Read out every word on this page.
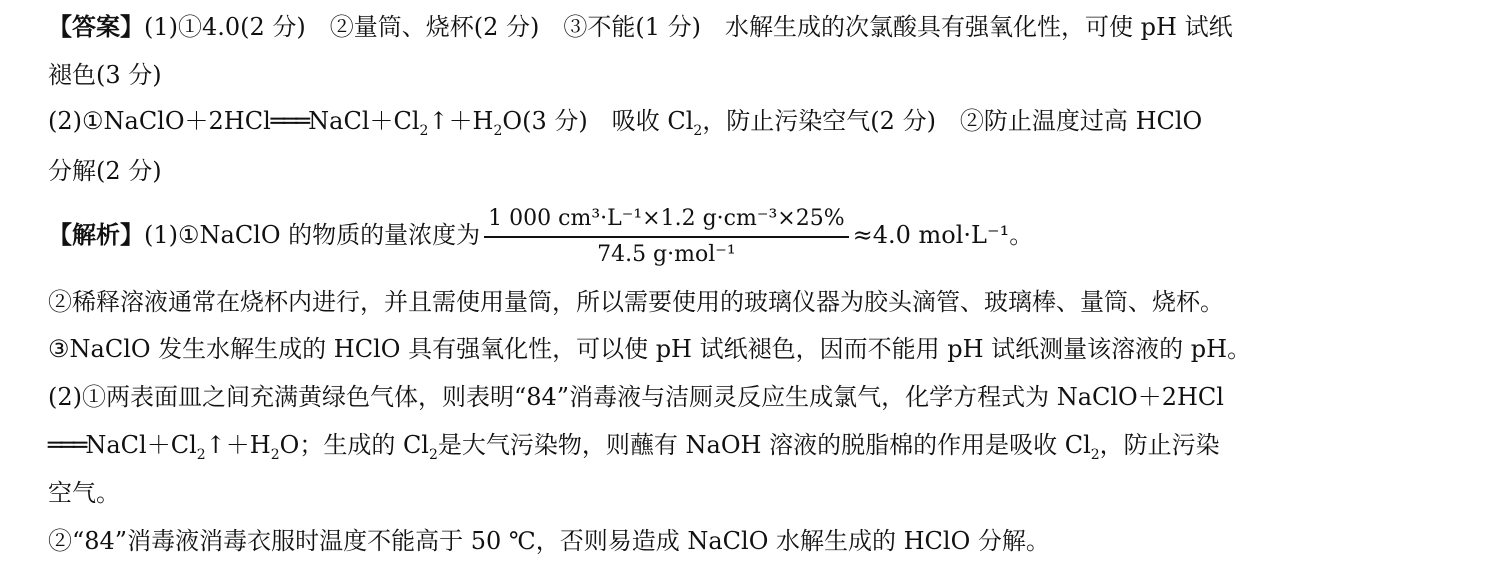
【答案】(1)①4.0(2 分)　②量筒、烧杯(2 分)　③不能(1 分)　水解生成的次氯酸具有强氧化性，可使 pH 试纸
褪色(3 分)
$(2)①NaClO+2HCl═══NaCl+Cl_2↑+H_2O(3$ 分)　吸收 $Cl_2$，防止污染空气(2 分)　②防止温度过高 HClO
分解(2 分)
【解析】(1)①NaClO 的物质的量浓度为 $\frac{\text{1 000 cm³·L⁻¹×1.2 g·cm⁻³×25\%}}{\text{74.5 g·mol⁻¹}} \approx 4.0$ mol·L⁻¹。
②稀释溶液通常在烧杯内进行，并且需使用量筒，所以需要使用的玻璃仪器为胶头滴管、玻璃棒、量筒、烧杯。
③NaClO 发生水解生成的 HClO 具有强氧化性，可以使 pH 试纸褪色，因而不能用 pH 试纸测量该溶液的 pH。
(2)①两表面皿之间充满黄绿色气体，则表明“84”消毒液与洁厕灵反应生成氯气，化学方程式为 NaClO＋2HCl
$═══NaCl+Cl_2↑+H_2O$；生成的 $Cl_2$是大气污染物，则蘸有 NaOH 溶液的脱脂棉的作用是吸收 $Cl_2$，防止污染
空气。
②“84”消毒液消毒衣服时温度不能高于 50 ℃，否则易造成 NaClO 水解生成的 HClO 分解。
